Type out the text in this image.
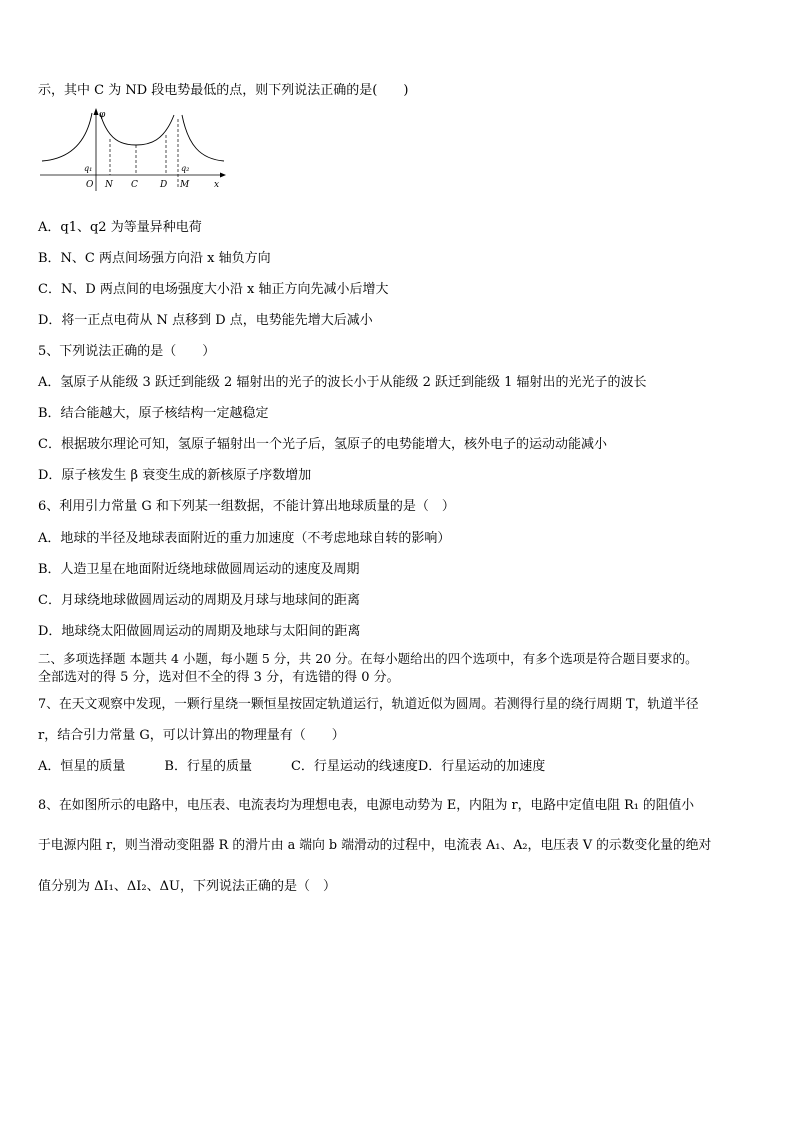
示，其中 C 为 ND 段电势最低的点，则下列说法正确的是(　　)
φ
x
q₁	q₂
O N C D M
A．q1、q2 为等量异种电荷
B．N、C 两点间场强方向沿 x 轴负方向
C．N、D 两点间的电场强度大小沿 x 轴正方向先减小后增大
D．将一正点电荷从 N 点移到 D 点，电势能先增大后减小
5、下列说法正确的是（　　）
A．氢原子从能级 3 跃迁到能级 2 辐射出的光子的波长小于从能级 2 跃迁到能级 1 辐射出的光光子的波长
B．结合能越大，原子核结构一定越稳定
C．根据玻尔理论可知，氢原子辐射出一个光子后，氢原子的电势能增大，核外电子的运动动能减小
D．原子核发生 β 衰变生成的新核原子序数增加
6、利用引力常量 G 和下列某一组数据，不能计算出地球质量的是（　）
A．地球的半径及地球表面附近的重力加速度（不考虑地球自转的影响）
B．人造卫星在地面附近绕地球做圆周运动的速度及周期
C．月球绕地球做圆周运动的周期及月球与地球间的距离
D．地球绕太阳做圆周运动的周期及地球与太阳间的距离
二、多项选择题 本题共 4 小题，每小题 5 分，共 20 分。在每小题给出的四个选项中，有多个选项是符合题目要求的。
全部选对的得 5 分，选对但不全的得 3 分，有选错的得 0 分。
7、在天文观察中发现，一颗行星绕一颗恒星按固定轨道运行，轨道近似为圆周。若测得行星的绕行周期 T，轨道半径
r，结合引力常量 G，可以计算出的物理量有（　　）
A．恒星的质量　　　B．行星的质量　　　C．行星运动的线速度D．行星运动的加速度
8、在如图所示的电路中，电压表、电流表均为理想电表，电源电动势为 E，内阻为 r，电路中定值电阻 R₁ 的阻值小
于电源内阻 r，则当滑动变阻器 R 的滑片由 a 端向 b 端滑动的过程中，电流表 A₁、A₂，电压表 V 的示数变化量的绝对
值分别为 ΔI₁、ΔI₂、ΔU，下列说法正确的是（　）
